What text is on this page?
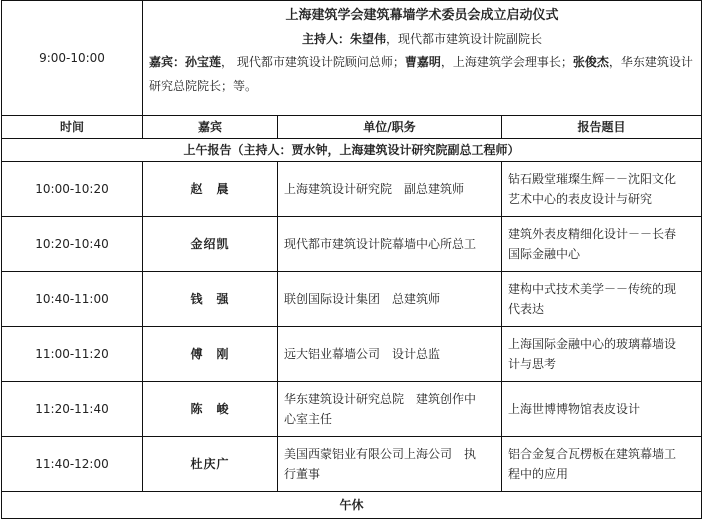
9:00-10:00	上海建筑学会建筑幕墙学术委员会成立启动仪式
主持人：朱望伟，现代都市建筑设计院副院长
嘉宾：孙宝莲， 现代都市建筑设计院顾问总师；曹嘉明，上海建筑学会理事长；张俊杰，华东建筑设计研究总院院长；等。		

时间	嘉宾	单位/职务	报告题目
上午报告（主持人：贾水钟，上海建筑设计研究院副总工程师）			
10:00-10:20	赵　晨	上海建筑设计研究院　副总建筑师	钻石殿堂璀璨生辉－－沈阳文化
艺术中心的表皮设计与研究

10:20-10:40	金绍凯	现代都市建筑设计院幕墙中心所总工	建筑外表皮精细化设计－－长春
国际金融中心

10:40-11:00	钱　强	联创国际设计集团　总建筑师	建构中式技术美学－－传统的现
代表达

11:00-11:20	傅　刚	远大铝业幕墙公司　设计总监	上海国际金融中心的玻璃幕墙设
计与思考

11:20-11:40	陈　峻	华东建筑设计研究总院　建筑创作中
心室主任	上海世博博物馆表皮设计

11:40-12:00	杜庆广	美国西蒙铝业有限公司上海公司　执
行董事	铝合金复合瓦楞板在建筑幕墙工
程中的应用

午休			
